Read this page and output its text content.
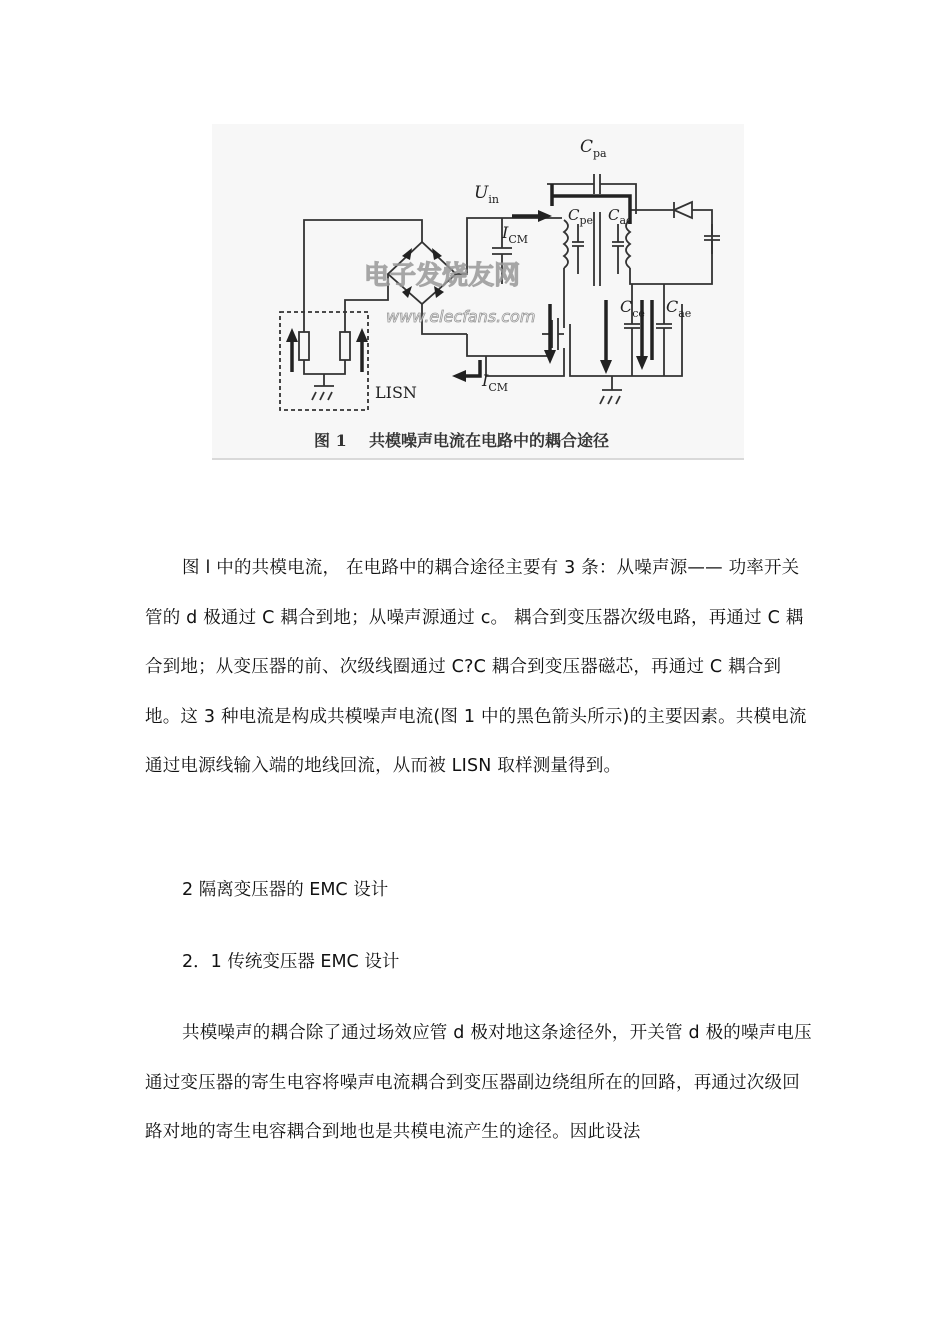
$C_{pa}$
$U_{in}$
$I_{CM}$
$C_{pe}$ $C_{ac}$
$C_{ce}$ $C_{ae}$
$I_{CM}$
LISN
电子发烧友网
www.elecfans.com
图 1    共模噪声电流在电路中的耦合途径

图 l 中的共模电流， 在电路中的耦合途径主要有 3 条：从噪声源—— 功率开关管的 d 极通过 C 耦合到地；从噪声源通过 c。 耦合到变压器次级电路，再通过 C 耦合到地；从变压器的前、次级线圈通过 C?C 耦合到变压器磁芯，再通过 C 耦合到地。这 3 种电流是构成共模噪声电流(图 1 中的黑色箭头所示)的主要因素。共模电流通过电源线输入端的地线回流，从而被 LISN 取样测量得到。

2 隔离变压器的 EMC 设计

2．1 传统变压器 EMC 设计

共模噪声的耦合除了通过场效应管 d 极对地这条途径外，开关管 d 极的噪声电压通过变压器的寄生电容将噪声电流耦合到变压器副边绕组所在的回路，再通过次级回路对地的寄生电容耦合到地也是共模电流产生的途径。因此设法
